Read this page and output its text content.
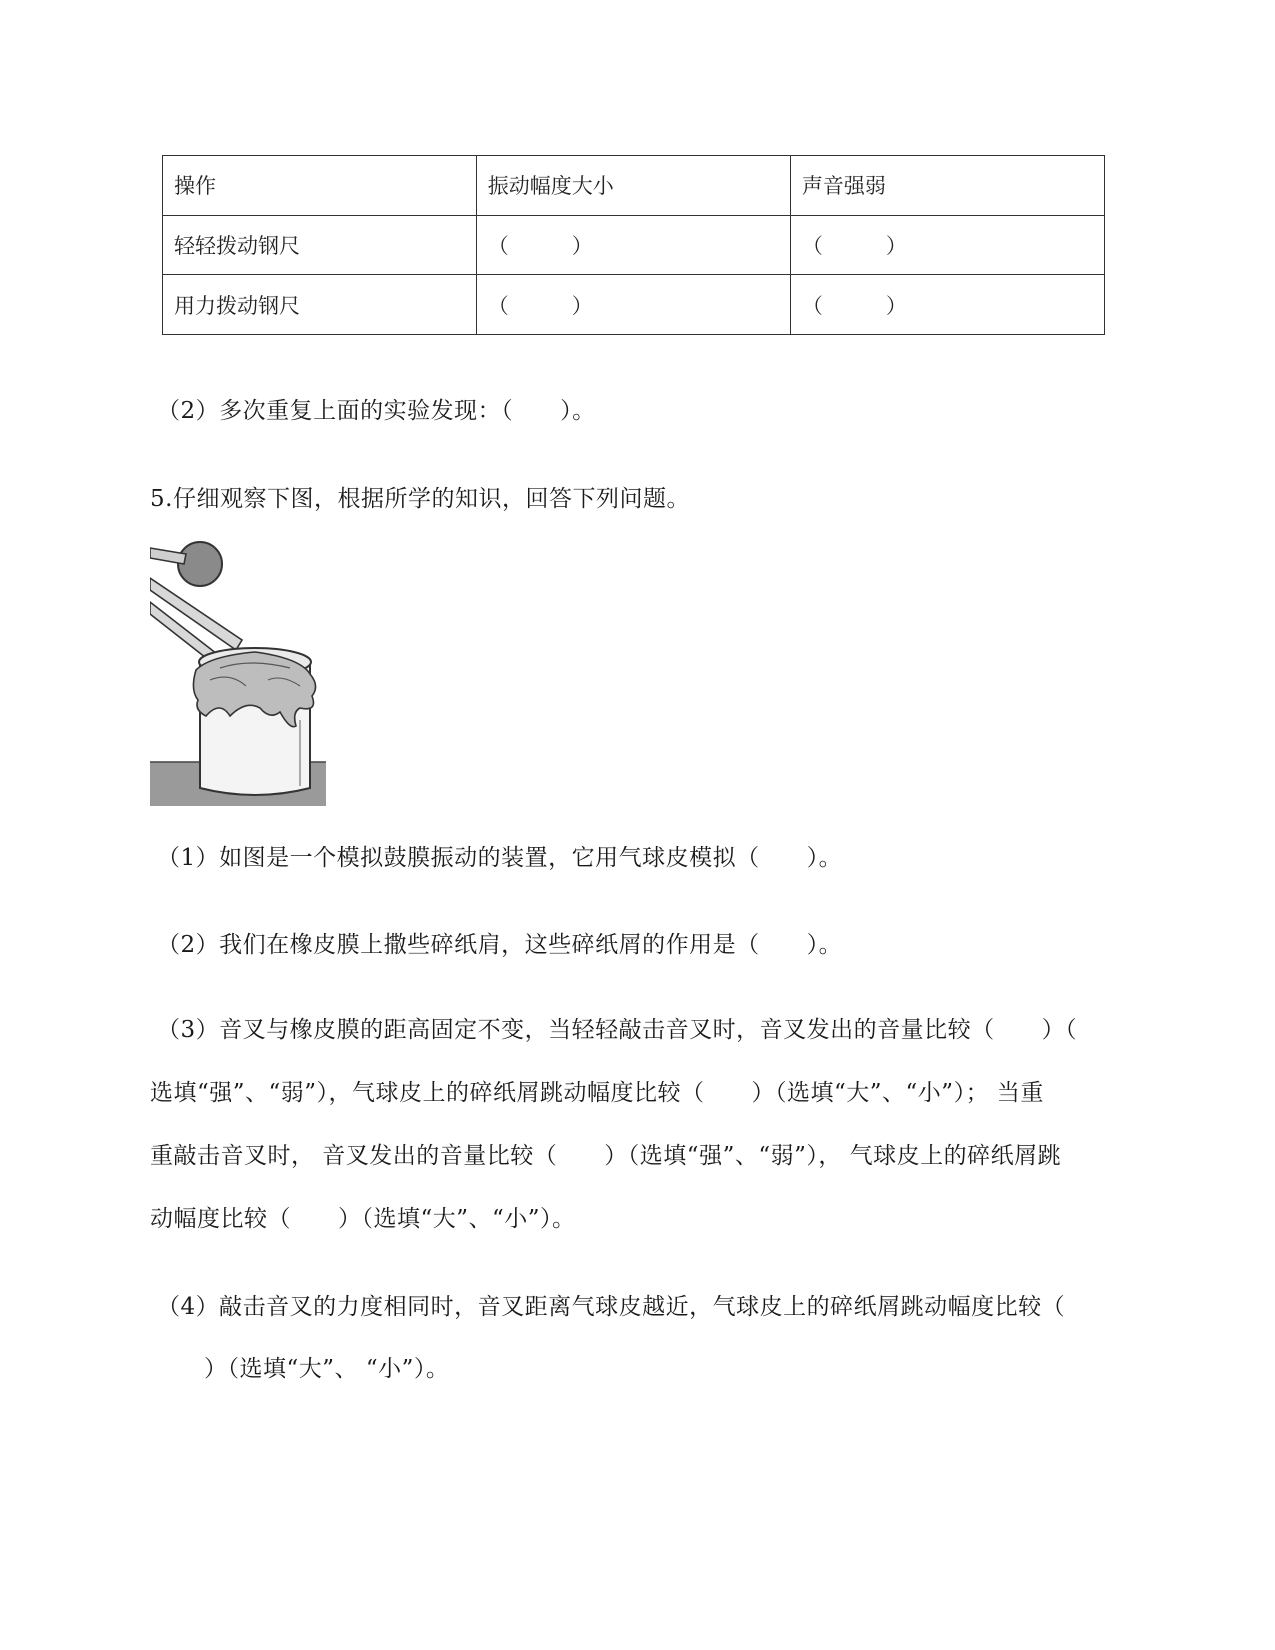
操作	振动幅度大小	声音强弱
轻轻拨动钢尺	（　　　）	（　　　）
用力拨动钢尺	（　　　）	（　　　）
（2）多次重复上面的实验发现：（　　）。
5.仔细观察下图，根据所学的知识，回答下列问题。
（1）如图是一个模拟鼓膜振动的装置，它用气球皮模拟（　　）。
（2）我们在橡皮膜上撒些碎纸肩，这些碎纸屑的作用是（　　）。
（3）音叉与橡皮膜的距高固定不变，当轻轻敲击音叉时，音叉发出的音量比较（　　）（
选填“强”、“弱”），气球皮上的碎纸屑跳动幅度比较（　　）（选填“大”、“小”）； 当重
重敲击音叉时， 音叉发出的音量比较（　　）（选填“强”、“弱”）， 气球皮上的碎纸屑跳
动幅度比较（　　）（选填“大”、“小”）。
（4）敲击音叉的力度相同时，音叉距离气球皮越近，气球皮上的碎纸屑跳动幅度比较（
　　）（选填“大”、 “小”）。
